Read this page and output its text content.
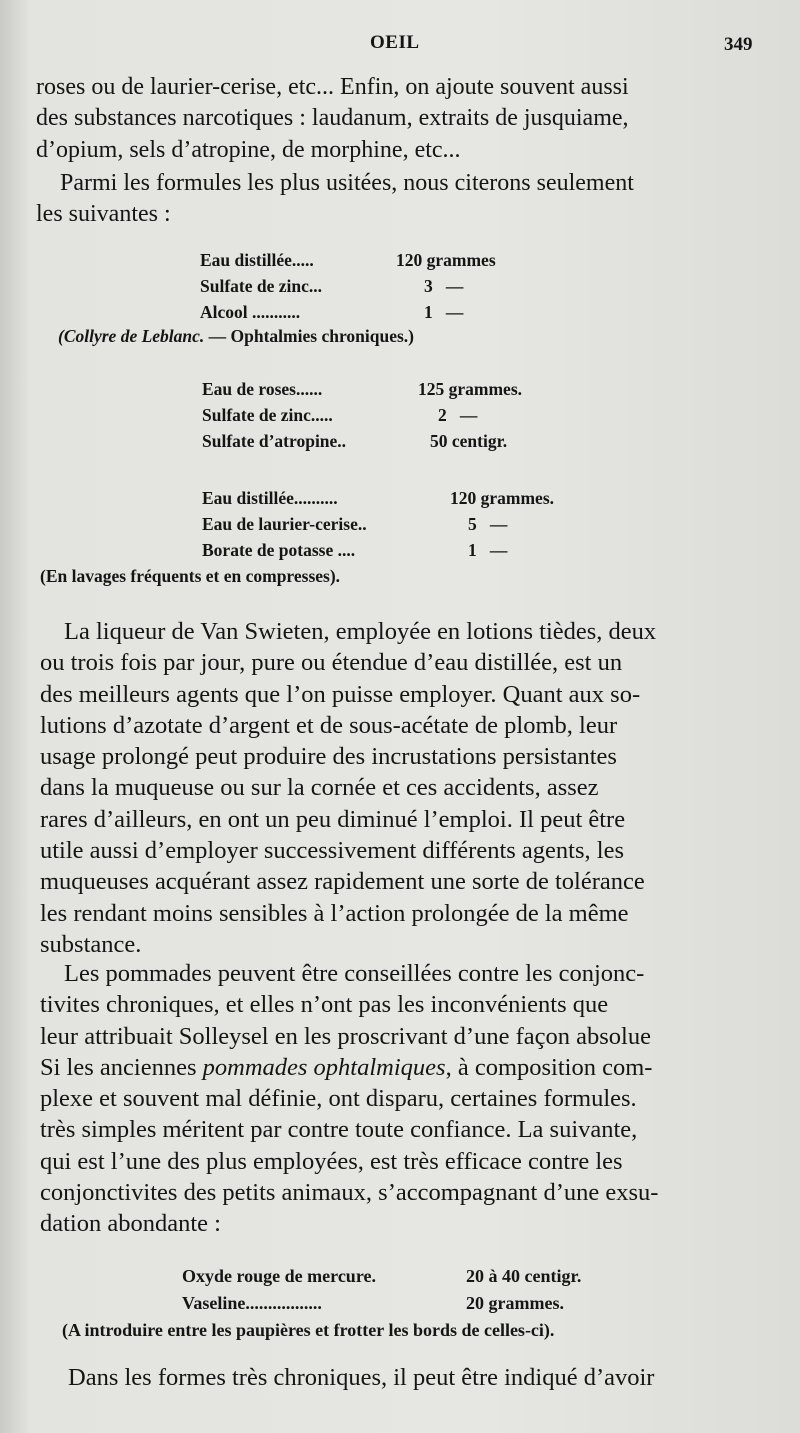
OEIL	349

roses ou de laurier-cerise, etc... Enfin, on ajoute souvent aussi
des substances narcotiques : laudanum, extraits de jusquiame,
d’opium, sels d’atropine, de morphine, etc...

Parmi les formules les plus usitées, nous citerons seulement
les suivantes :

Eau distillée.....	120 grammes
Sulfate de zinc...	3   —
Alcool ...........	1   —
(Collyre de Leblanc. — Ophtalmies chroniques.)
Eau de roses......	125 grammes.
Sulfate de zinc.....	2   —
Sulfate d’atropine..	50 centigr.
Eau distillée..........	120 grammes.
Eau de laurier-cerise..	5   —
Borate de potasse ....	1   —
(En lavages fréquents et en compresses).

La liqueur de Van Swieten, employée en lotions tièdes, deux
ou trois fois par jour, pure ou étendue d’eau distillée, est un
des meilleurs agents que l’on puisse employer. Quant aux so-
lutions d’azotate d’argent et de sous-acétate de plomb, leur
usage prolongé peut produire des incrustations persistantes
dans la muqueuse ou sur la cornée et ces accidents, assez
rares d’ailleurs, en ont un peu diminué l’emploi. Il peut être
utile aussi d’employer successivement différents agents, les
muqueuses acquérant assez rapidement une sorte de tolérance
les rendant moins sensibles à l’action prolongée de la même
substance.

Les pommades peuvent être conseillées contre les conjonc-
tivites chroniques, et elles n’ont pas les inconvénients que
leur attribuait Solleysel en les proscrivant d’une façon absolue
Si les anciennes pommades ophtalmiques, à composition com-
plexe et souvent mal définie, ont disparu, certaines formules.
très simples méritent par contre toute confiance. La suivante,
qui est l’une des plus employées, est très efficace contre les
conjonctivites des petits animaux, s’accompagnant d’une exsu-
dation abondante :

Oxyde rouge de mercure.	20 à 40 centigr.
Vaseline.................	20 grammes.
(A introduire entre les paupières et frotter les bords de celles-ci).

Dans les formes très chroniques, il peut être indiqué d’avoir
